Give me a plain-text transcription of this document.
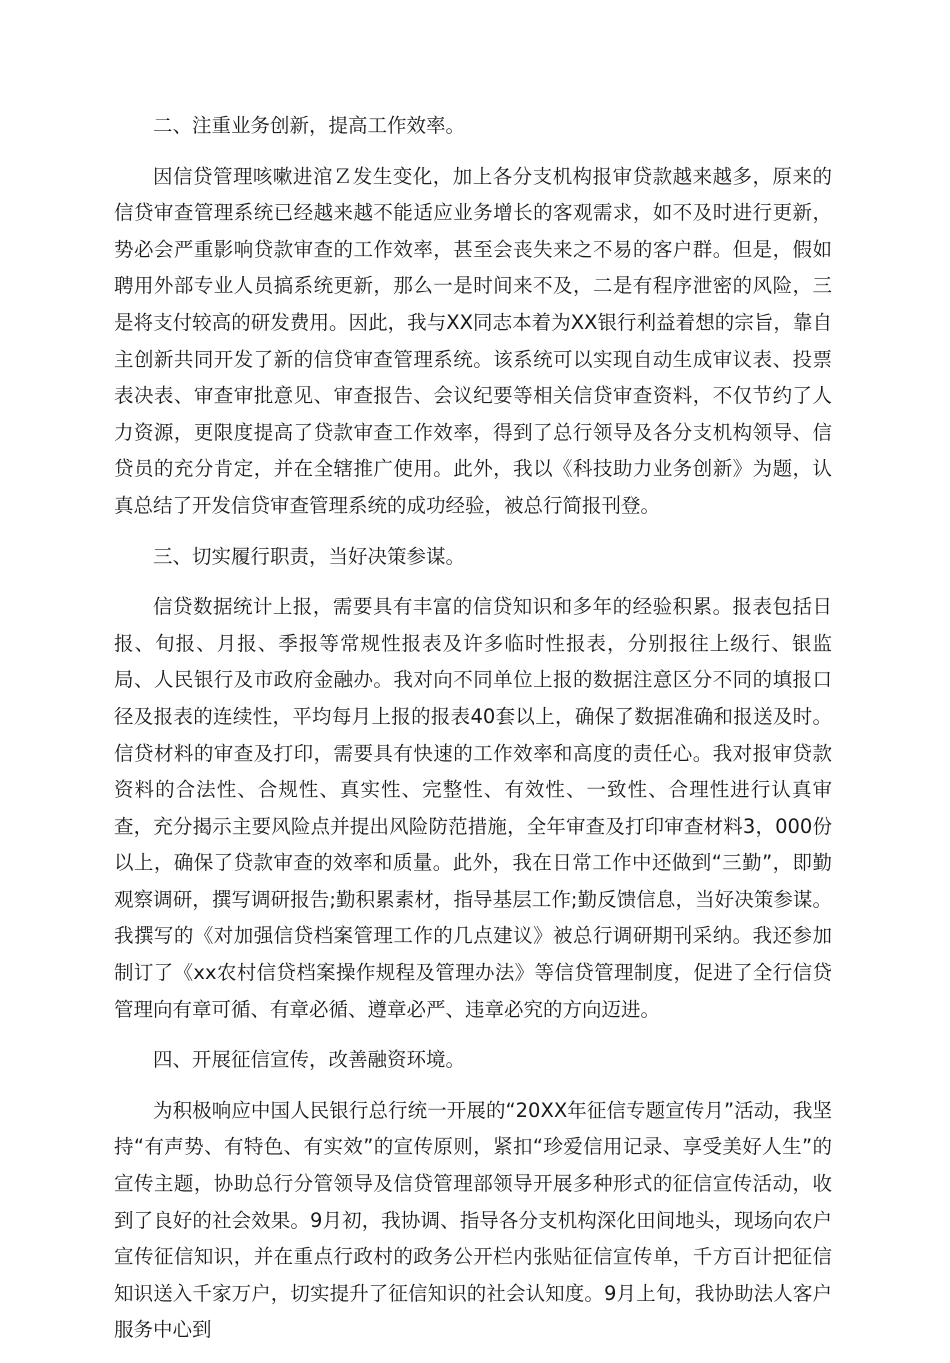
二、注重业务创新，提高工作效率。

因信贷管理咳嗽进涫Ｚ发生变化，加上各分支机构报审贷款越来越多，原来的信贷审查管理系统已经越来越不能适应业务增长的客观需求，如不及时进行更新，势必会严重影响贷款审查的工作效率，甚至会丧失来之不易的客户群。但是，假如聘用外部专业人员搞系统更新，那么一是时间来不及，二是有程序泄密的风险，三是将支付较高的研发费用。因此，我与XX同志本着为XX银行利益着想的宗旨，靠自主创新共同开发了新的信贷审查管理系统。该系统可以实现自动生成审议表、投票表决表、审查审批意见、审查报告、会议纪要等相关信贷审查资料，不仅节约了人力资源，更限度提高了贷款审查工作效率，得到了总行领导及各分支机构领导、信贷员的充分肯定，并在全辖推广使用。此外，我以《科技助力业务创新》为题，认真总结了开发信贷审查管理系统的成功经验，被总行简报刊登。

三、切实履行职责，当好决策参谋。

信贷数据统计上报，需要具有丰富的信贷知识和多年的经验积累。报表包括日报、旬报、月报、季报等常规性报表及许多临时性报表，分别报往上级行、银监局、人民银行及市政府金融办。我对向不同单位上报的数据注意区分不同的填报口径及报表的连续性，平均每月上报的报表40套以上，确保了数据准确和报送及时。信贷材料的审查及打印，需要具有快速的工作效率和高度的责任心。我对报审贷款资料的合法性、合规性、真实性、完整性、有效性、一致性、合理性进行认真审查，充分揭示主要风险点并提出风险防范措施，全年审查及打印审查材料3，000份以上，确保了贷款审查的效率和质量。此外，我在日常工作中还做到“三勤”，即勤观察调研，撰写调研报告;勤积累素材，指导基层工作;勤反馈信息，当好决策参谋。我撰写的《对加强信贷档案管理工作的几点建议》被总行调研期刊采纳。我还参加制订了《xx农村信贷档案操作规程及管理办法》等信贷管理制度，促进了全行信贷管理向有章可循、有章必循、遵章必严、违章必究的方向迈进。

四、开展征信宣传，改善融资环境。

为积极响应中国人民银行总行统一开展的“20XX年征信专题宣传月”活动，我坚持“有声势、有特色、有实效”的宣传原则，紧扣“珍爱信用记录、享受美好人生”的宣传主题，协助总行分管领导及信贷管理部领导开展多种形式的征信宣传活动，收到了良好的社会效果。9月初，我协调、指导各分支机构深化田间地头，现场向农户宣传征信知识，并在重点行政村的政务公开栏内张贴征信宣传单，千方百计把征信知识送入千家万户，切实提升了征信知识的社会认知度。9月上旬，我协助法人客户服务中心到
